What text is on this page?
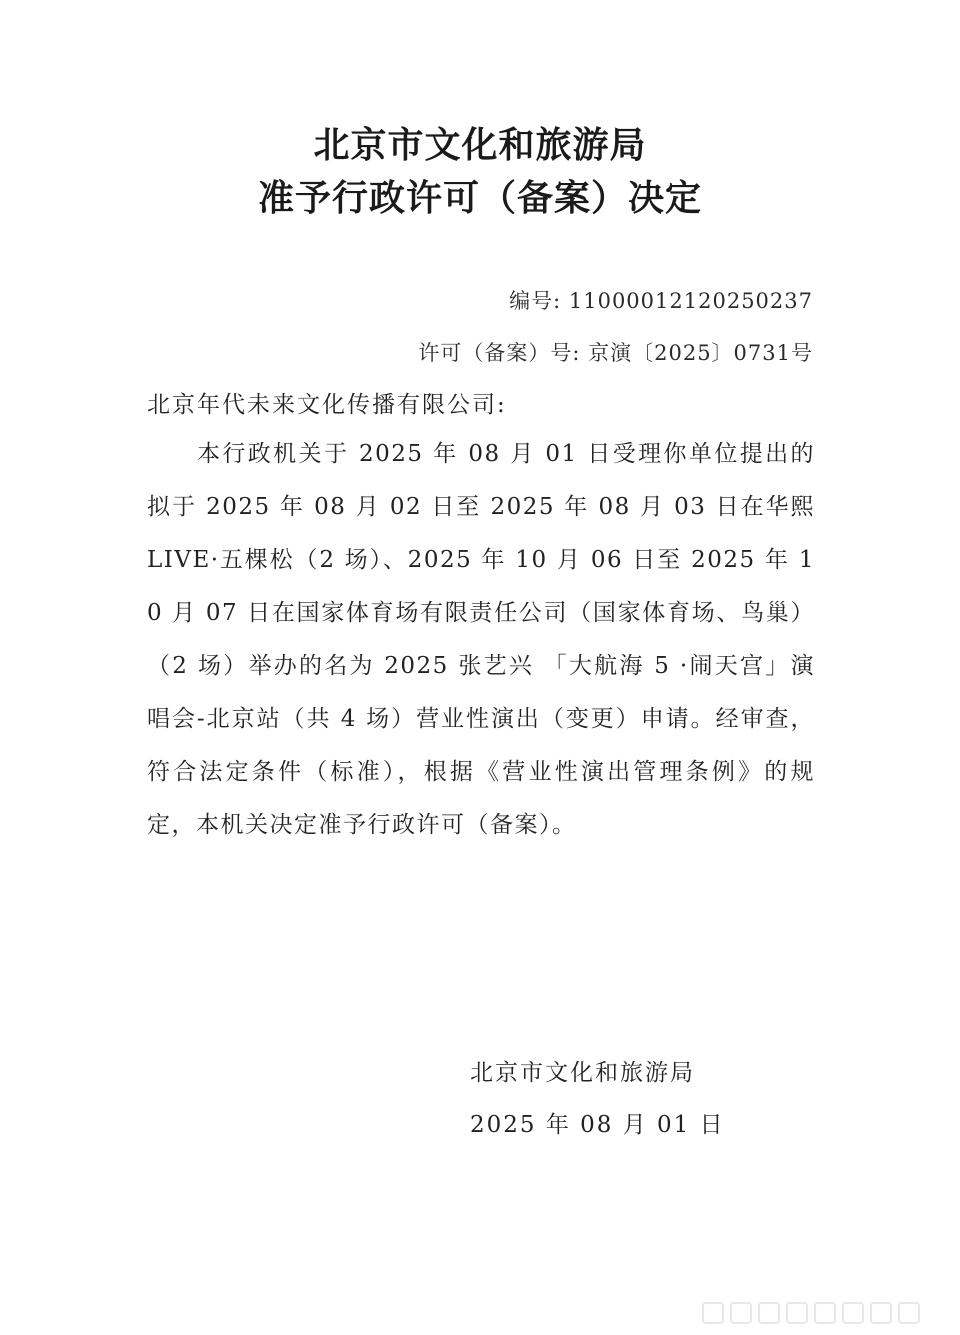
北京市文化和旅游局
准予行政许可（备案）决定
编号: 11000012120250237
许可（备案）号: 京演〔2025〕0731号
北京年代未来文化传播有限公司:
本行政机关于 2025 年 08 月 01 日受理你单位提出的拟于 2025 年 08 月 02 日至 2025 年 08 月 03 日在华熙 LIVE·五棵松（2 场）、2025 年 10 月 06 日至 2025 年 10 月 07 日在国家体育场有限责任公司（国家体育场、鸟巢）（2 场）举办的名为 2025 张艺兴 「大航海 5 ·闹天宫」演唱会-北京站（共 4 场）营业性演出（变更）申请。经审查，符合法定条件（标准），根据《营业性演出管理条例》的规定，本机关决定准予行政许可（备案）。
北京市文化和旅游局
2025 年 08 月 01 日
